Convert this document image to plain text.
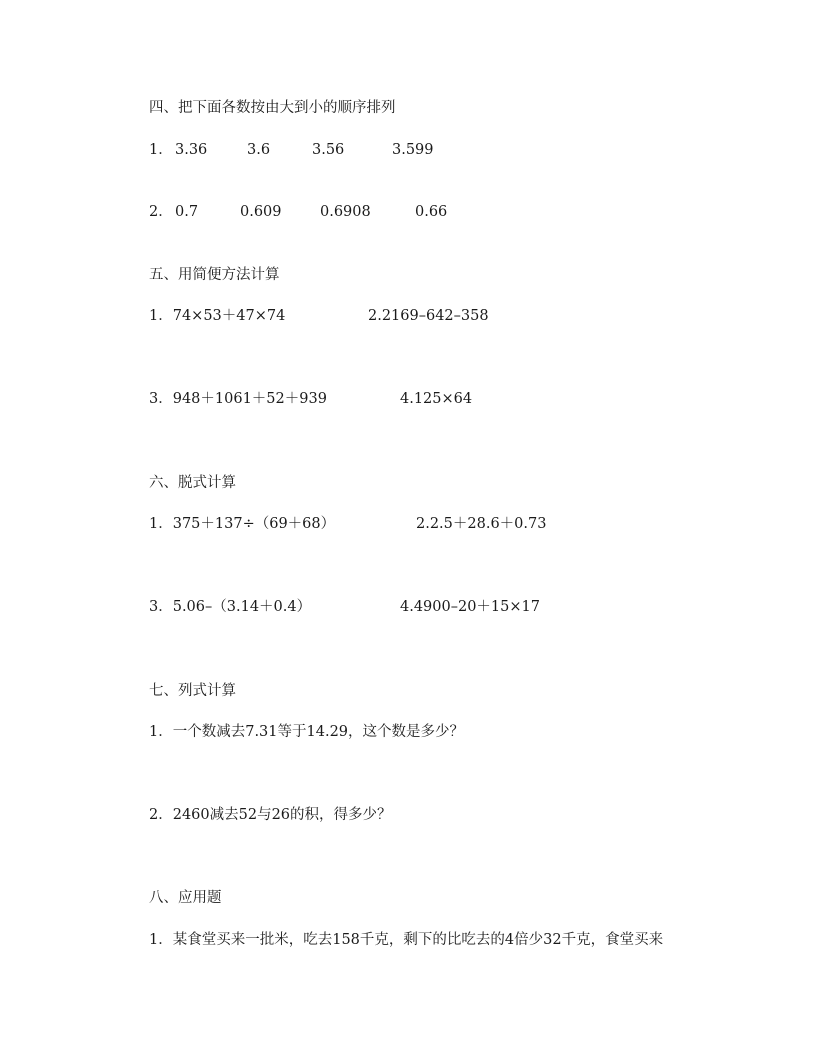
四、把下面各数按由大到小的顺序排列
1． 3.36	3.6	3.56	3.599
2． 0.7	0.609	0.6908	0.66
五、用简便方法计算
1．74×53＋47×74	2.2169–642–358
3．948＋1061＋52＋939	4.125×64
六、脱式计算
1．375＋137÷（69＋68）	2.2.5＋28.6＋0.73
3．5.06–（3.14＋0.4）	4.4900–20＋15×17
七、列式计算
1．一个数减去7.31等于14.29，这个数是多少？
2．2460减去52与26的积，得多少？
八、应用题
1．某食堂买来一批米，吃去158千克，剩下的比吃去的4倍少32千克，食堂买来
